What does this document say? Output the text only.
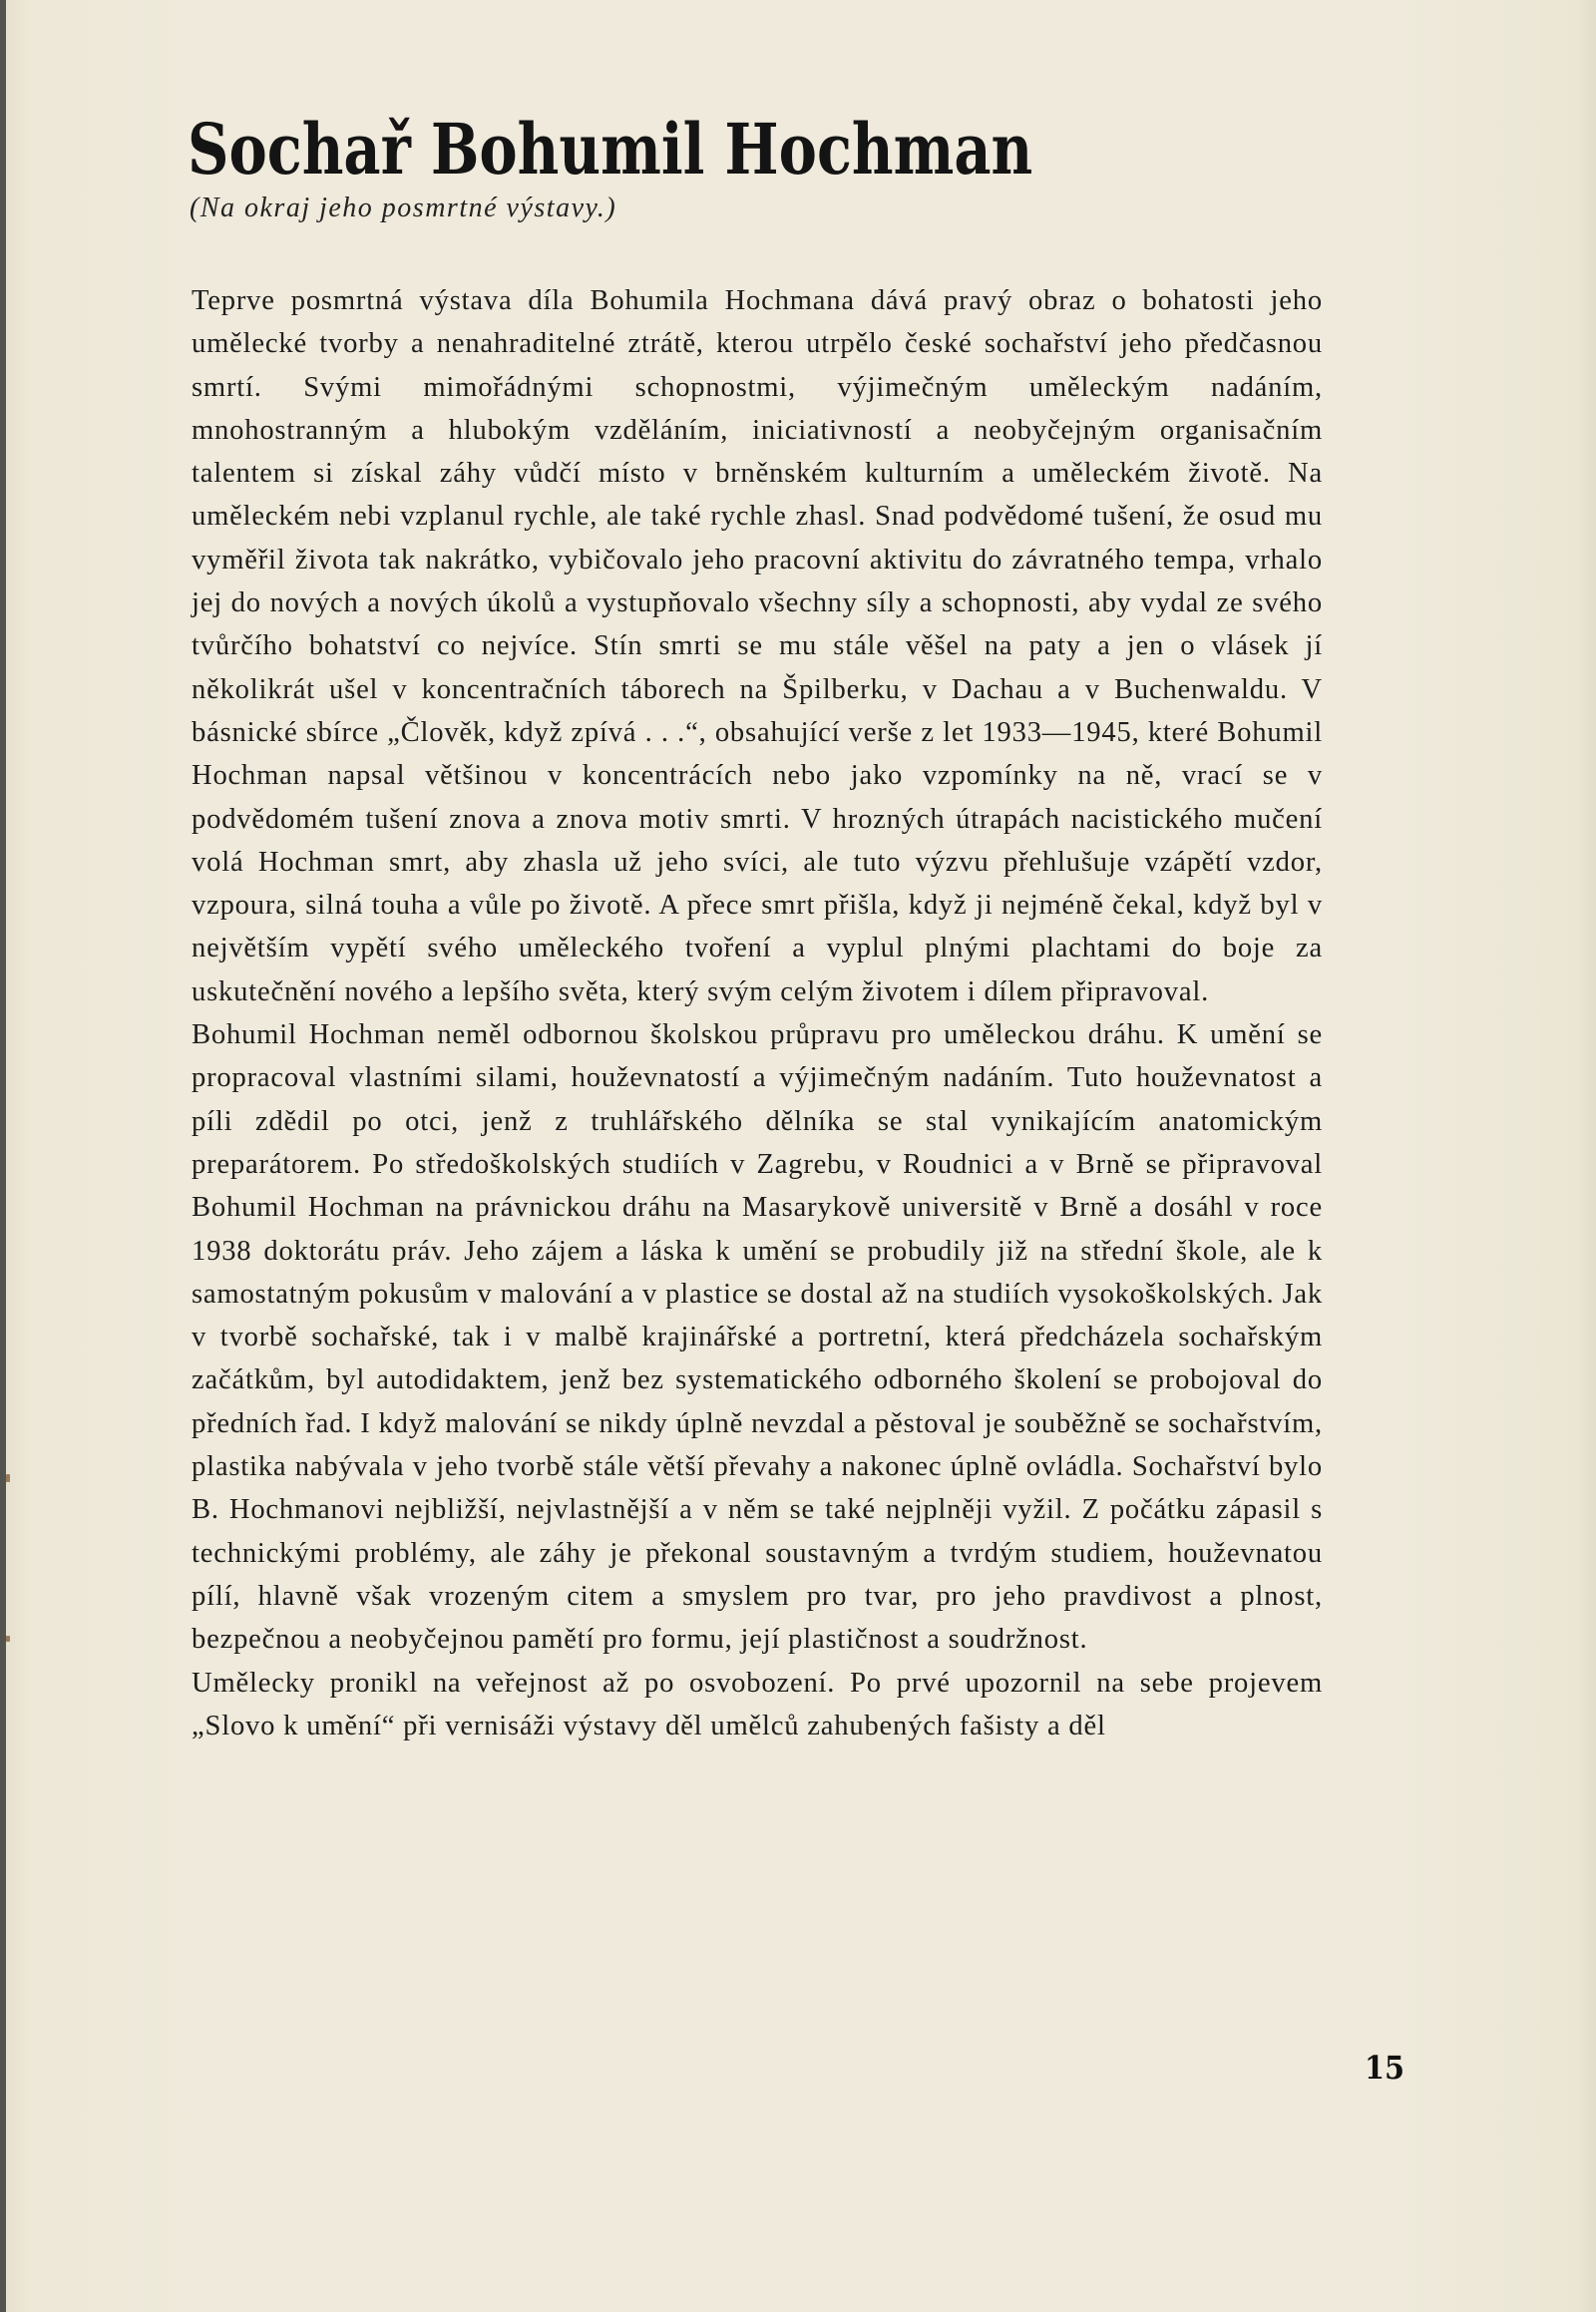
Sochař Bohumil Hochman

(Na okraj jeho posmrtné výstavy.)

Teprve posmrtná výstava díla Bohumila Hochmana dává pravý obraz o bohatosti jeho umělecké tvorby a nenahraditelné ztrátě, kterou utrpělo české sochařství jeho předčasnou smrtí. Svými mimořádnými schopnostmi, výjimečným uměleckým nadáním, mnohostranným a hlubokým vzděláním, iniciativností a neobyčejným organisačním talentem si získal záhy vůdčí místo v brněnském kulturním a uměleckém životě. Na uměleckém nebi vzplanul rychle, ale také rychle zhasl. Snad podvědomé tušení, že osud mu vyměřil života tak nakrátko, vybičovalo jeho pracovní aktivitu do závratného tempa, vrhalo jej do nových a nových úkolů a vystupňovalo všechny síly a schopnosti, aby vydal ze svého tvůrčího bohatství co nejvíce. Stín smrti se mu stále věšel na paty a jen o vlásek jí několikrát ušel v koncentračních táborech na Špilberku, v Dachau a v Buchenwaldu. V básnické sbírce „Člověk, když zpívá . . .“, obsahující verše z let 1933—1945, které Bohumil Hochman napsal většinou v koncentrácích nebo jako vzpomínky na ně, vrací se v podvědomém tušení znova a znova motiv smrti. V hrozných útrapách nacistického mučení volá Hochman smrt, aby zhasla už jeho svíci, ale tuto výzvu přehlušuje vzápětí vzdor, vzpoura, silná touha a vůle po životě. A přece smrt přišla, když ji nejméně čekal, když byl v největším vypětí svého uměleckého tvoření a vyplul plnými plachtami do boje za uskutečnění nového a lepšího světa, který svým celým životem i dílem připravoval.

Bohumil Hochman neměl odbornou školskou průpravu pro uměleckou dráhu. K umění se propracoval vlastními silami, houževnatostí a výjimečným nadáním. Tuto houževnatost a píli zdědil po otci, jenž z truhlářského dělníka se stal vynikajícím anatomickým preparátorem. Po středoškolských studiích v Zagrebu, v Roudnici a v Brně se připravoval Bohumil Hochman na právnickou dráhu na Masarykově universitě v Brně a dosáhl v roce 1938 doktorátu práv. Jeho zájem a láska k umění se probudily již na střední škole, ale k samostatným pokusům v malování a v plastice se dostal až na studiích vysokoškolských. Jak v tvorbě sochařské, tak i v malbě krajinářské a portretní, která předcházela sochařským začátkům, byl autodidaktem, jenž bez systematického odborného školení se probojoval do předních řad. I když malování se nikdy úplně nevzdal a pěstoval je souběžně se sochařstvím, plastika nabývala v jeho tvorbě stále větší převahy a nakonec úplně ovládla. Sochařství bylo B. Hochmanovi nejbližší, nejvlastnější a v něm se také nejplněji vyžil. Z počátku zápasil s technickými problémy, ale záhy je překonal soustavným a tvrdým studiem, houževnatou pílí, hlavně však vrozeným citem a smyslem pro tvar, pro jeho pravdivost a plnost, bezpečnou a neobyčejnou pamětí pro formu, její plastičnost a soudržnost.

Umělecky pronikl na veřejnost až po osvobození. Po prvé upozornil na sebe projevem „Slovo k umění“ při vernisáži výstavy děl umělců zahubených fašisty a děl

15
